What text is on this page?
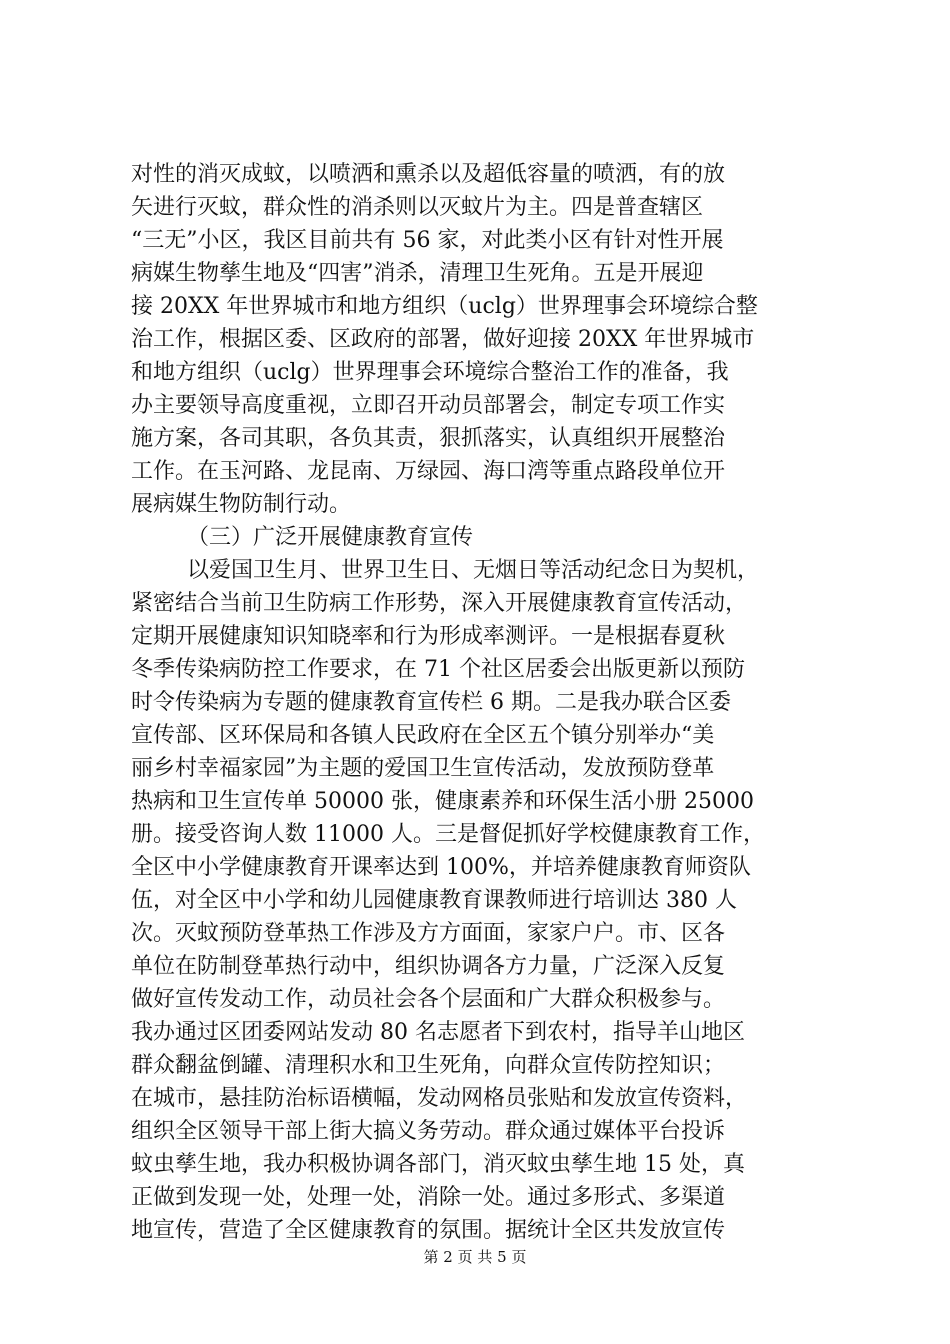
对性的消灭成蚊，以喷洒和熏杀以及超低容量的喷洒，有的放
矢进行灭蚊，群众性的消杀则以灭蚊片为主。四是普查辖区
“三无”小区，我区目前共有 56 家，对此类小区有针对性开展
病媒生物孳生地及“四害”消杀，清理卫生死角。五是开展迎
接 20XX 年世界城市和地方组织（uclg）世界理事会环境综合整
治工作，根据区委、区政府的部署，做好迎接 20XX 年世界城市
和地方组织（uclg）世界理事会环境综合整治工作的准备，我
办主要领导高度重视，立即召开动员部署会，制定专项工作实
施方案，各司其职，各负其责，狠抓落实，认真组织开展整治
工作。在玉河路、龙昆南、万绿园、海口湾等重点路段单位开
展病媒生物防制行动。
（三）广泛开展健康教育宣传
以爱国卫生月、世界卫生日、无烟日等活动纪念日为契机，
紧密结合当前卫生防病工作形势，深入开展健康教育宣传活动，
定期开展健康知识知晓率和行为形成率测评。一是根据春夏秋
冬季传染病防控工作要求，在 71 个社区居委会出版更新以预防
时令传染病为专题的健康教育宣传栏 6 期。二是我办联合区委
宣传部、区环保局和各镇人民政府在全区五个镇分别举办“美
丽乡村幸福家园”为主题的爱国卫生宣传活动，发放预防登革
热病和卫生宣传单 50000 张，健康素养和环保生活小册 25000
册。接受咨询人数 11000 人。三是督促抓好学校健康教育工作，
全区中小学健康教育开课率达到 100%，并培养健康教育师资队
伍，对全区中小学和幼儿园健康教育课教师进行培训达 380 人
次。灭蚊预防登革热工作涉及方方面面，家家户户。市、区各
单位在防制登革热行动中，组织协调各方力量，广泛深入反复
做好宣传发动工作，动员社会各个层面和广大群众积极参与。
我办通过区团委网站发动 80 名志愿者下到农村，指导羊山地区
群众翻盆倒罐、清理积水和卫生死角，向群众宣传防控知识；
在城市，悬挂防治标语横幅，发动网格员张贴和发放宣传资料，
组织全区领导干部上街大搞义务劳动。群众通过媒体平台投诉
蚊虫孳生地，我办积极协调各部门，消灭蚊虫孳生地 15 处，真
正做到发现一处，处理一处，消除一处。通过多形式、多渠道
地宣传，营造了全区健康教育的氛围。据统计全区共发放宣传
第 2 页 共 5 页
